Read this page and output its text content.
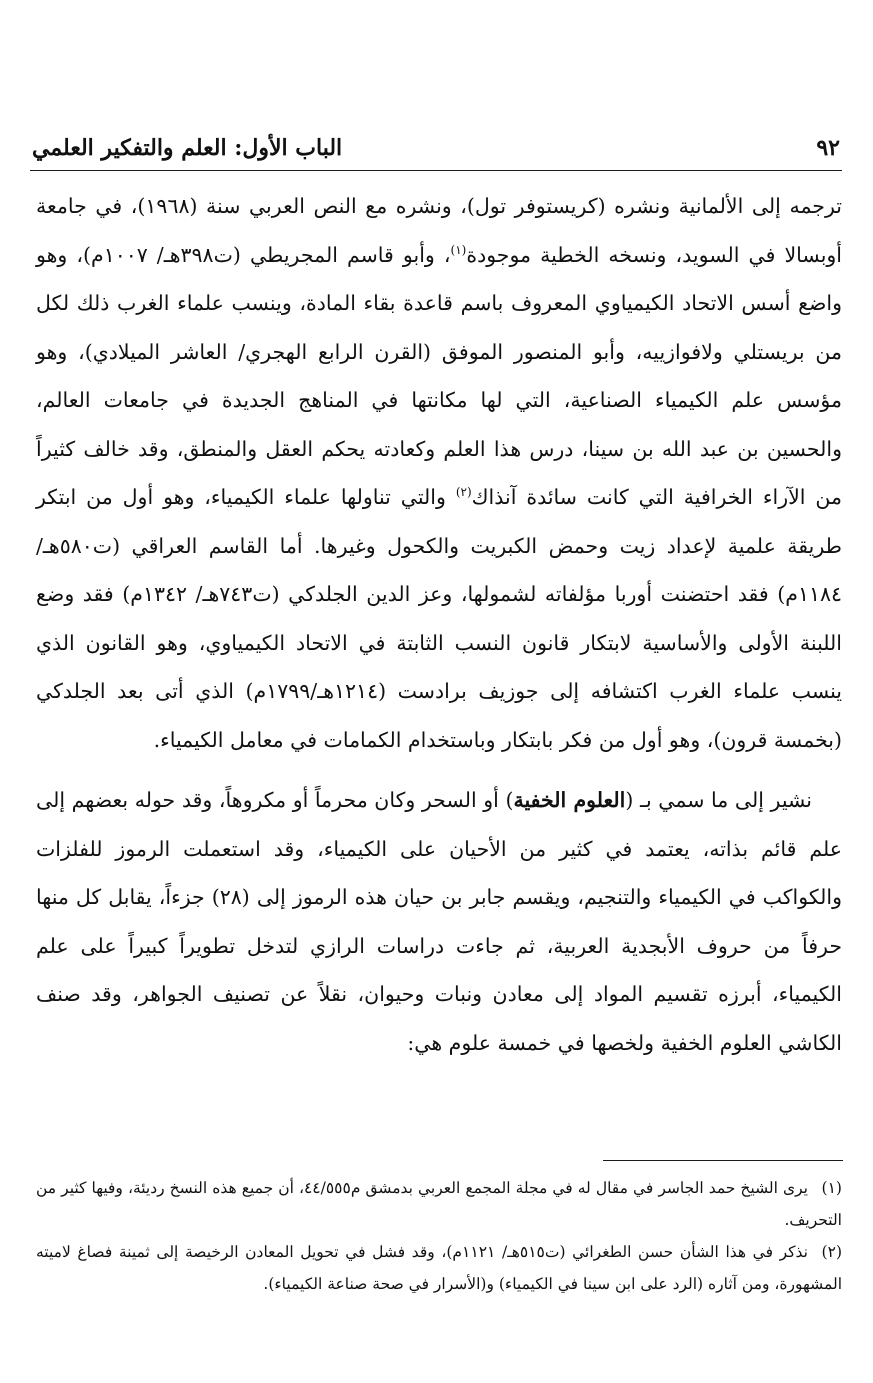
٩٢
الباب الأول: العلم والتفكير العلمي

ترجمه إلى الألمانية ونشره (كريستوفر تول)، ونشره مع النص العربي سنة (١٩٦٨)، في جامعة أوبسالا في السويد، ونسخه الخطية موجودة$^{(١)}$، وأبو قاسم المجريطي (ت٣٩٨هـ/ ١٠٠٧م)، وهو واضع أسس الاتحاد الكيمياوي المعروف باسم قاعدة بقاء المادة، وينسب علماء الغرب ذلك لكل من بريستلي ولافوازييه، وأبو المنصور الموفق (القرن الرابع الهجري/ العاشر الميلادي)، وهو مؤسس علم الكيمياء الصناعية، التي لها مكانتها في المناهج الجديدة في جامعات العالم، والحسين بن عبد الله بن سينا، درس هذا العلم وكعادته يحكم العقل والمنطق، وقد خالف كثيراً من الآراء الخرافية التي كانت سائدة آنذاك$^{(٢)}$ والتي تناولها علماء الكيمياء، وهو أول من ابتكر طريقة علمية لإعداد زيت وحمض الكبريت والكحول وغيرها. أما القاسم العراقي (ت٥٨٠هـ/ ١١٨٤م) فقد احتضنت أوربا مؤلفاته لشمولها، وعز الدين الجلدكي (ت٧٤٣هـ/ ١٣٤٢م) فقد وضع اللبنة الأولى والأساسية لابتكار قانون النسب الثابتة في الاتحاد الكيمياوي، وهو القانون الذي ينسب علماء الغرب اكتشافه إلى جوزيف برادست (١٢١٤هـ/١٧٩٩م) الذي أتى بعد الجلدكي (بخمسة قرون)، وهو أول من فكر بابتكار وباستخدام الكمامات في معامل الكيمياء.

نشير إلى ما سمي بـ (العلوم الخفية) أو السحر وكان محرماً أو مكروهاً، وقد حوله بعضهم إلى علم قائم بذاته، يعتمد في كثير من الأحيان على الكيمياء، وقد استعملت الرموز للفلزات والكواكب في الكيمياء والتنجيم، ويقسم جابر بن حيان هذه الرموز إلى (٢٨) جزءاً، يقابل كل منها حرفاً من حروف الأبجدية العربية، ثم جاءت دراسات الرازي لتدخل تطويراً كبيراً على علم الكيمياء، أبرزه تقسيم المواد إلى معادن ونبات وحيوان، نقلاً عن تصنيف الجواهر، وقد صنف الكاشي العلوم الخفية ولخصها في خمسة علوم هي:

(١)يرى الشيخ حمد الجاسر في مقال له في مجلة المجمع العربي بدمشق م٤٤/٥٥٥، أن جميع هذه النسخ رديئة، وفيها كثير من التحريف.

(٢)نذكر في هذا الشأن حسن الطغرائي (ت٥١٥هـ/ ١١٢١م)، وقد فشل في تحويل المعادن الرخيصة إلى ثمينة فصاغ لاميته المشهورة، ومن آثاره (الرد على ابن سينا في الكيمياء) و(الأسرار في صحة صناعة الكيمياء).
